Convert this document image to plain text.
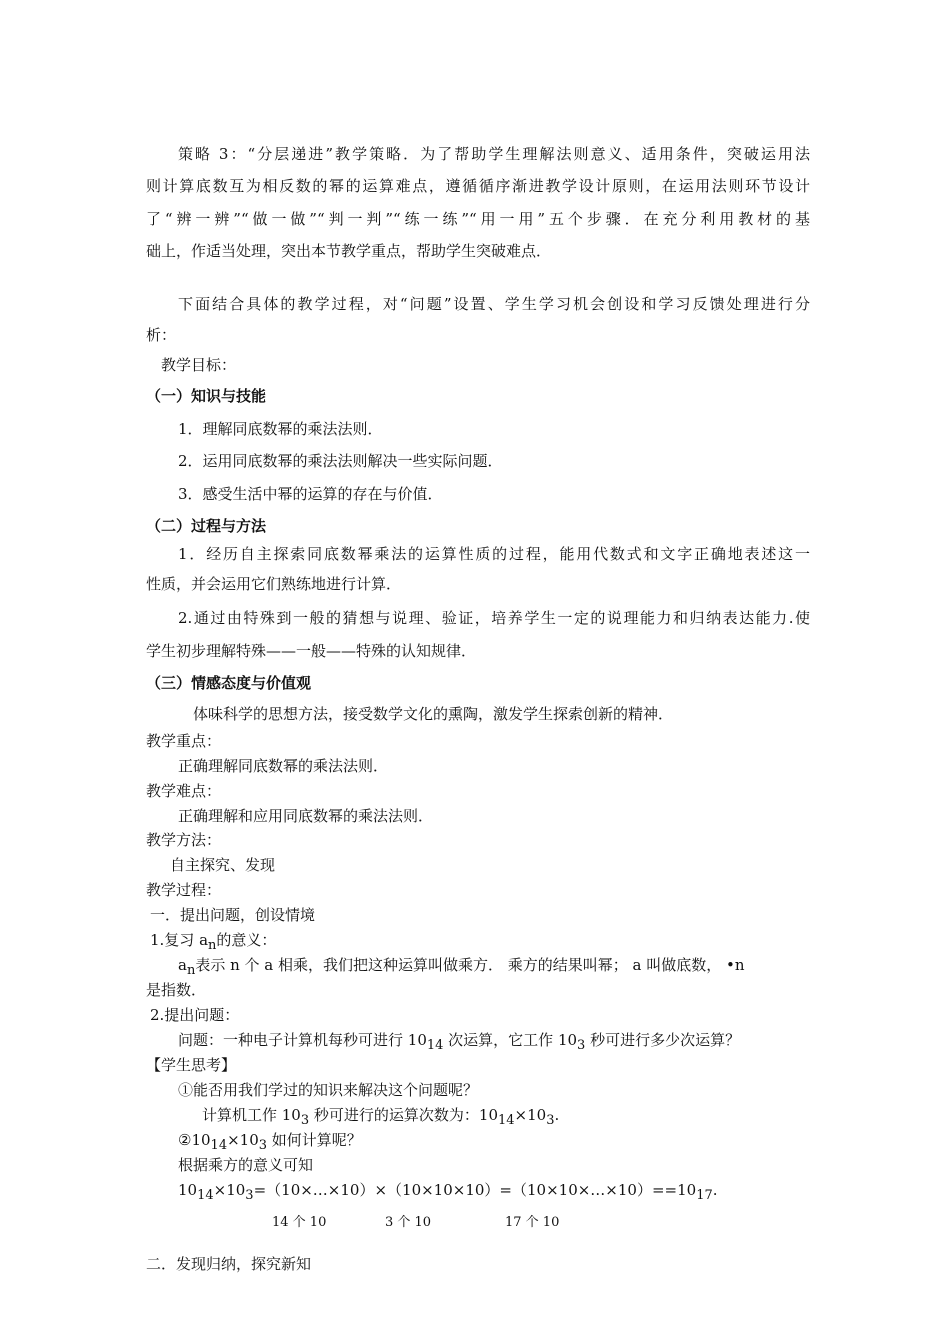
策略 3：“分层递进”教学策略．为了帮助学生理解法则意义、适用条件，突破运用法
则计算底数互为相反数的幂的运算难点，遵循循序渐进教学设计原则，在运用法则环节设计
了“辨一辨”“做一做”“判一判”“练一练”“用一用”五个步骤．在充分利用教材的基
础上，作适当处理，突出本节教学重点，帮助学生突破难点．
下面结合具体的教学过程，对“问题”设置、学生学习机会创设和学习反馈处理进行分
析：
教学目标：
（一）知识与技能
1．理解同底数幂的乘法法则．
2．运用同底数幂的乘法法则解决一些实际问题．
3．感受生活中幂的运算的存在与价值．
（二）过程与方法
1．经历自主探索同底数幂乘法的运算性质的过程，能用代数式和文字正确地表述这一
性质，并会运用它们熟练地进行计算．
2.通过由特殊到一般的猜想与说理、验证，培养学生一定的说理能力和归纳表达能力.使
学生初步理解特殊——一般——特殊的认知规律．
（三）情感态度与价值观
体味科学的思想方法，接受数学文化的熏陶，激发学生探索创新的精神．
教学重点：
正确理解同底数幂的乘法法则．
教学难点：
正确理解和应用同底数幂的乘法法则．
教学方法：
自主探究、发现
教学过程：
一．提出问题，创设情境
1.复习 $a_n$的意义：
$a_n$表示 n 个 a 相乘，我们把这种运算叫做乘方． 乘方的结果叫幂； a 叫做底数， •n
是指数．
2.提出问题：
问题：一种电子计算机每秒可进行 $10_{14}$ 次运算，它工作 $10_3$ 秒可进行多少次运算？
【学生思考】
①能否用我们学过的知识来解决这个问题呢？
计算机工作 $10_3$ 秒可进行的运算次数为：$10_{14}\times 10_3$.
$②10_{14}\times 10_3$ 如何计算呢？
根据乘方的意义可知
$10_{14}\times 10_3=(10\times\dots\times 10)\times(10\times 10\times 10)=(10\times 10\times\dots\times 10)==10_{17}$.
14 个 10	3 个 10	17 个 10
二．发现归纳，探究新知
